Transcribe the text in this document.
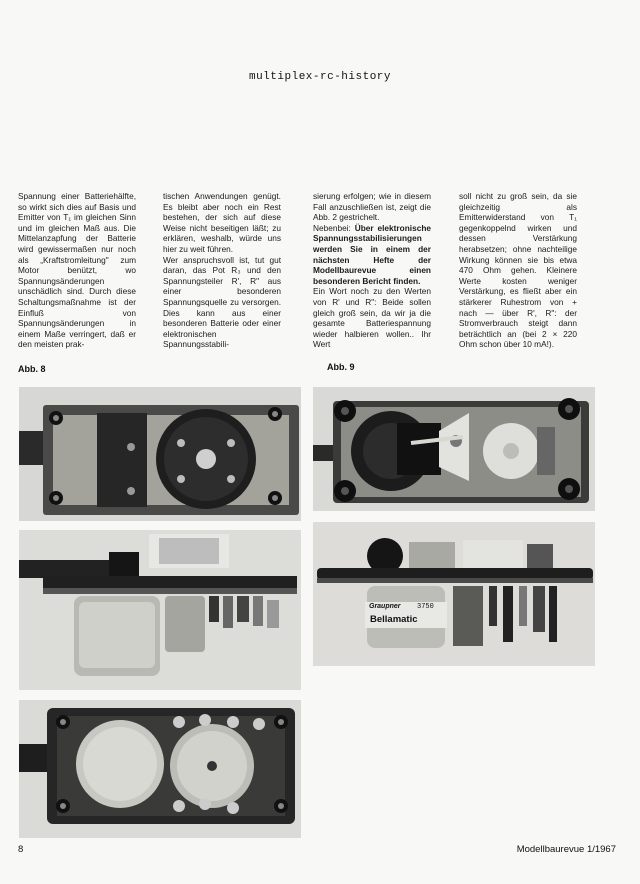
multiplex-rc-history

Spannung einer Batteriehälfte, so wirkt sich dies auf Basis und Emitter von T₁ im gleichen Sinn und im gleichen Maß aus. Die Mittelanzapfung der Batterie wird gewissermaßen nur noch als „Kraftstromleitung" zum Motor benützt, wo Spannungsänderungen unschädlich sind. Durch diese Schaltungsmaßnahme ist der Einfluß von Spannungsänderungen in einem Maße verringert, daß er den meisten prak-

tischen Anwendungen genügt. Es bleibt aber noch ein Rest bestehen, der sich auf diese Weise nicht beseitigen läßt; zu erklären, weshalb, würde uns hier zu weit führen.

Wer anspruchsvoll ist, tut gut daran, das Pot R₃ und den Spannungsteiler R', R" aus einer besonderen Spannungsquelle zu versorgen. Dies kann aus einer besonderen Batterie oder einer elektronischen Spannungsstabili-

sierung erfolgen; wie in diesem Fall anzuschließen ist, zeigt die Abb. 2 gestrichelt.

Nebenbei: Über elektronische Spannungsstabilisierungen werden Sie in einem der nächsten Hefte der Modellbaurevue einen besonderen Bericht finden.

Ein Wort noch zu den Werten von R' und R": Beide sollen gleich groß sein, da wir ja die gesamte Batteriespannung wieder halbieren wollen.. Ihr Wert

soll nicht zu groß sein, da sie gleichzeitig als Emitterwiderstand von T₁ gegenkoppelnd wirken und dessen Verstärkung herabsetzen; ohne nachteilige Wirkung können sie bis etwa 470 Ohm gehen. Kleinere Werte kosten weniger Verstärkung, es fließt aber ein stärkerer Ruhestrom von + nach — über R', R": der Stromverbrauch steigt dann beträchtlich an (bei 2 × 220 Ohm schon über 10 mA!).

Abb. 8	Abb. 9
Graupner 3750
Bellamatic
8	Modellbaurevue 1/1967
